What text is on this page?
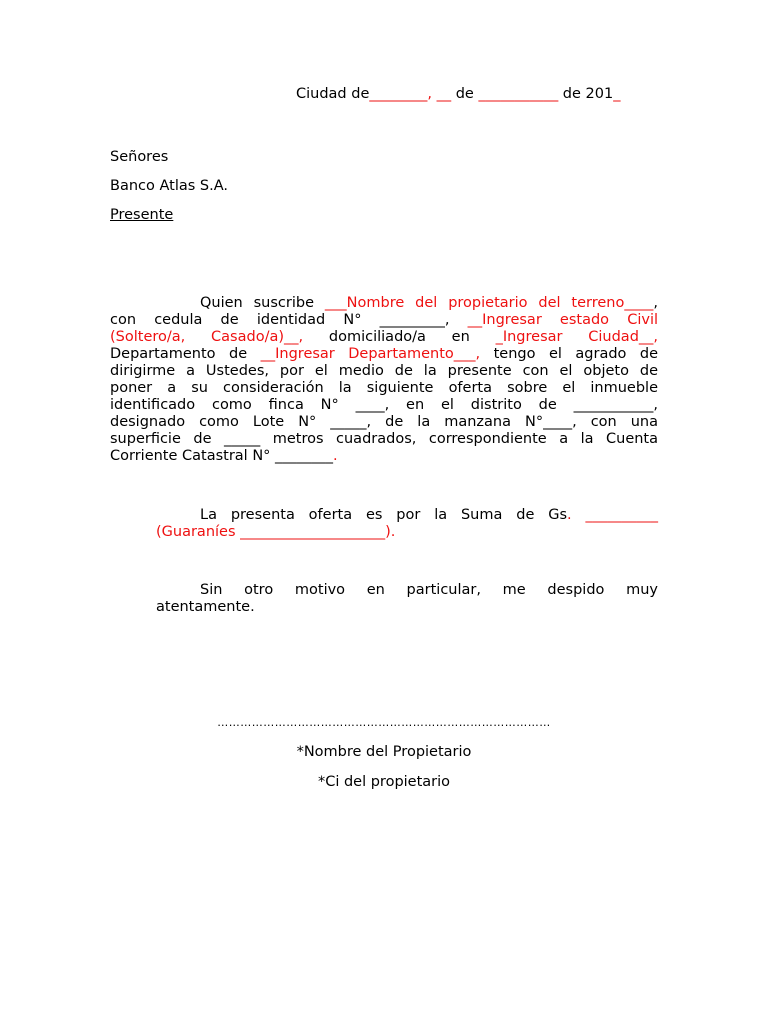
Ciudad de________, __ de ___________ de 201_
Señores
Banco Atlas S.A.
Presente
Quien suscribe ___Nombre del propietario del terreno____,
con cedula de identidad N° _________, __Ingresar estado Civil
(Soltero/a, Casado/a)__, domiciliado/a en _Ingresar Ciudad__,
Departamento de __Ingresar Departamento___, tengo el agrado de
dirigirme a Ustedes, por el medio de la presente con el objeto de
poner a su consideración la siguiente oferta sobre el inmueble
identificado como finca N° ____, en el distrito de ___________,
designado como Lote N° _____, de la manzana N°____, con una
superficie de _____ metros cuadrados, correspondiente a la Cuenta
Corriente Catastral N° ________.
La presenta oferta es por la Suma de Gs. __________
(Guaraníes ____________________).
Sin otro motivo en particular, me despido muy
atentamente.
……………………………………………………………………………
*Nombre del Propietario
*Ci del propietario
